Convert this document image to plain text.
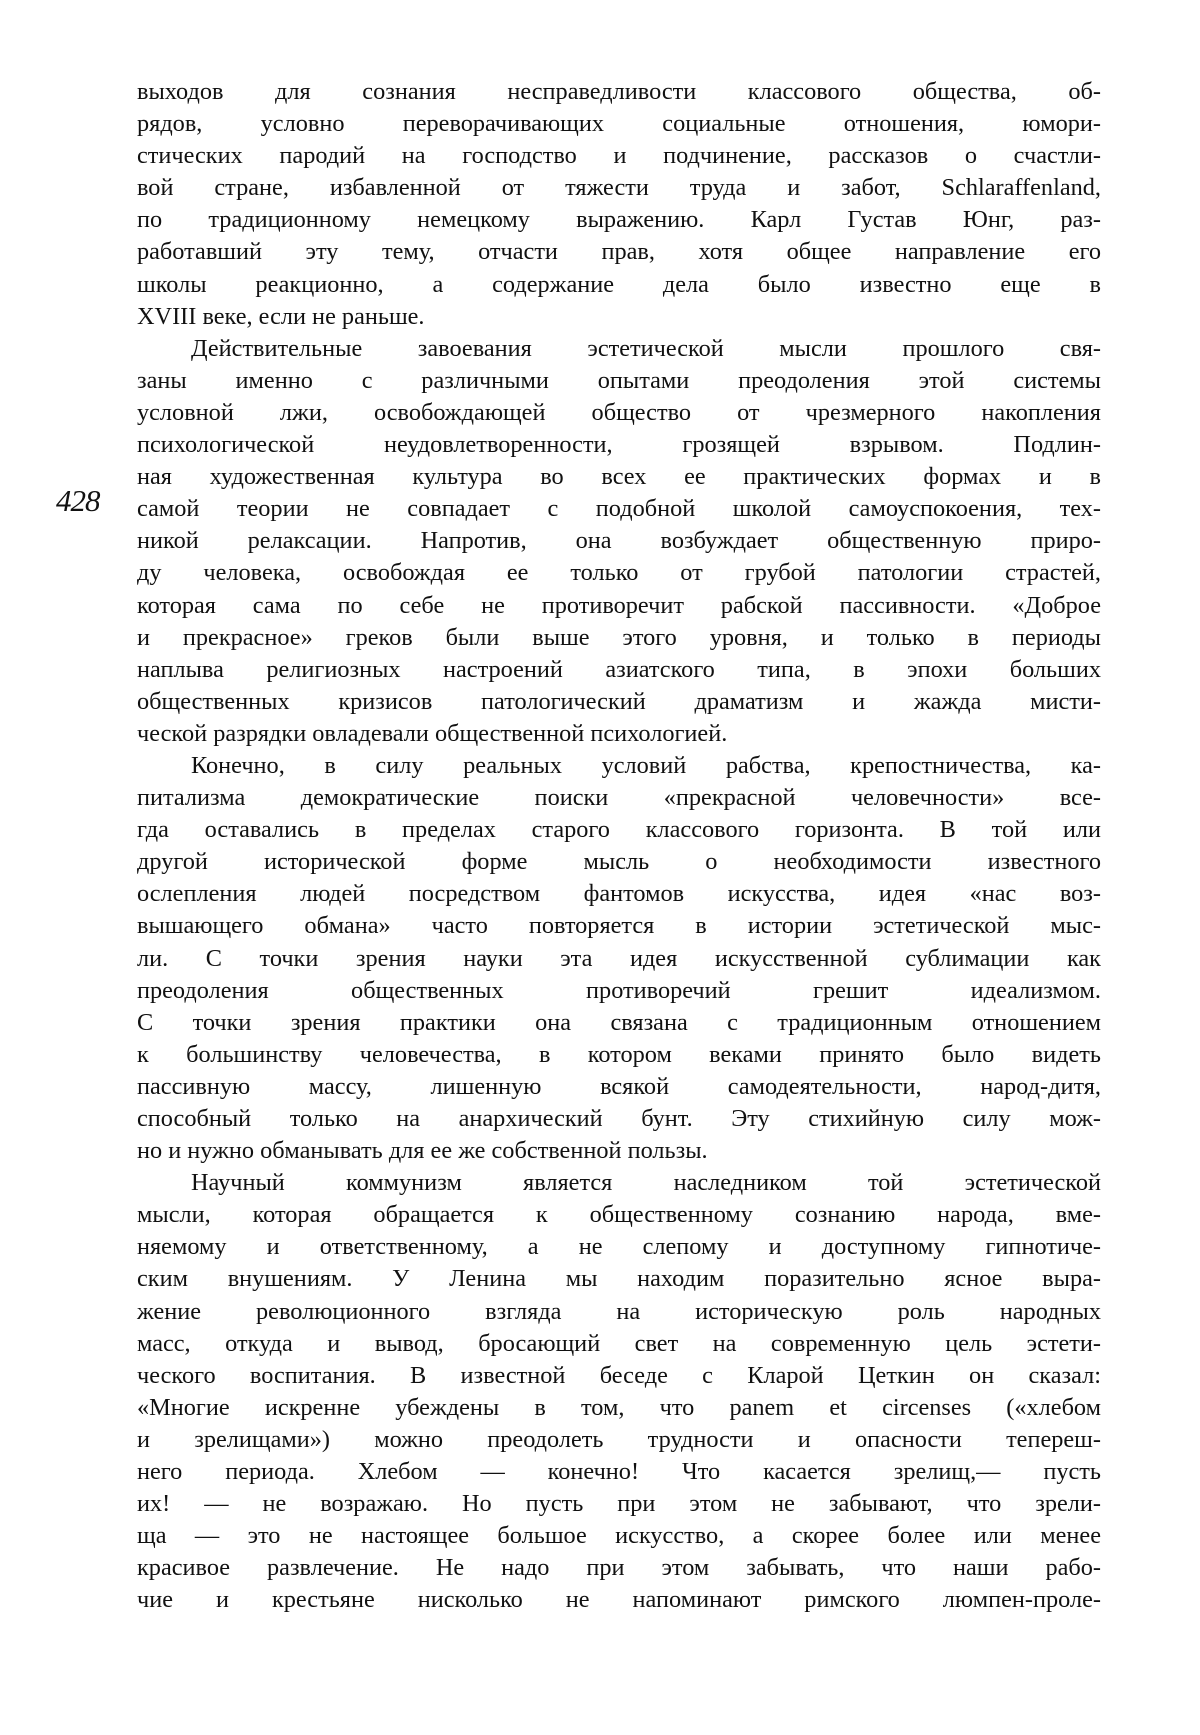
428
выходов для сознания несправедливости классового общества, об-
рядов, условно переворачивающих социальные отношения, юмори-
стических пародий на господство и подчинение, рассказов о счастли-
вой стране, избавленной от тяжести труда и забот, Schlaraffenland,
по традиционному немецкому выражению. Карл Густав Юнг, раз-
работавший эту тему, отчасти прав, хотя общее направление его
школы реакционно, а содержание дела было известно еще в
XVIII веке, если не раньше.
Действительные завоевания эстетической мысли прошлого свя-
заны именно с различными опытами преодоления этой системы
условной лжи, освобождающей общество от чрезмерного накопления
психологической неудовлетворенности, грозящей взрывом. Подлин-
ная художественная культура во всех ее практических формах и в
самой теории не совпадает с подобной школой самоуспокоения, тех-
никой релаксации. Напротив, она возбуждает общественную приро-
ду человека, освобождая ее только от грубой патологии страстей,
которая сама по себе не противоречит рабской пассивности. «Доброе
и прекрасное» греков были выше этого уровня, и только в периоды
наплыва религиозных настроений азиатского типа, в эпохи больших
общественных кризисов патологический драматизм и жажда мисти-
ческой разрядки овладевали общественной психологией.
Конечно, в силу реальных условий рабства, крепостничества, ка-
питализма демократические поиски «прекрасной человечности» все-
гда оставались в пределах старого классового горизонта. В той или
другой исторической форме мысль о необходимости известного
ослепления людей посредством фантомов искусства, идея «нас воз-
вышающего обмана» часто повторяется в истории эстетической мыс-
ли. С точки зрения науки эта идея искусственной сублимации как
преодоления общественных противоречий грешит идеализмом.
С точки зрения практики она связана с традиционным отношением
к большинству человечества, в котором веками принято было видеть
пассивную массу, лишенную всякой самодеятельности, народ-дитя,
способный только на анархический бунт. Эту стихийную силу мож-
но и нужно обманывать для ее же собственной пользы.
Научный коммунизм является наследником той эстетической
мысли, которая обращается к общественному сознанию народа, вме-
няемому и ответственному, а не слепому и доступному гипнотиче-
ским внушениям. У Ленина мы находим поразительно ясное выра-
жение революционного взгляда на историческую роль народных
масс, откуда и вывод, бросающий свет на современную цель эстети-
ческого воспитания. В известной беседе с Кларой Цеткин он сказал:
«Многие искренне убеждены в том, что panem et circenses («хлебом
и зрелищами») можно преодолеть трудности и опасности теперeш-
него периода. Хлебом — конечно! Что касается зрелищ,— пусть
их! — не возражаю. Но пусть при этом не забывают, что зрели-
ща — это не настоящее большое искусство, а скорее более или менее
красивое развлечение. Не надо при этом забывать, что наши рабо-
чие и крестьяне нисколько не напоминают римского люмпен-проле-
